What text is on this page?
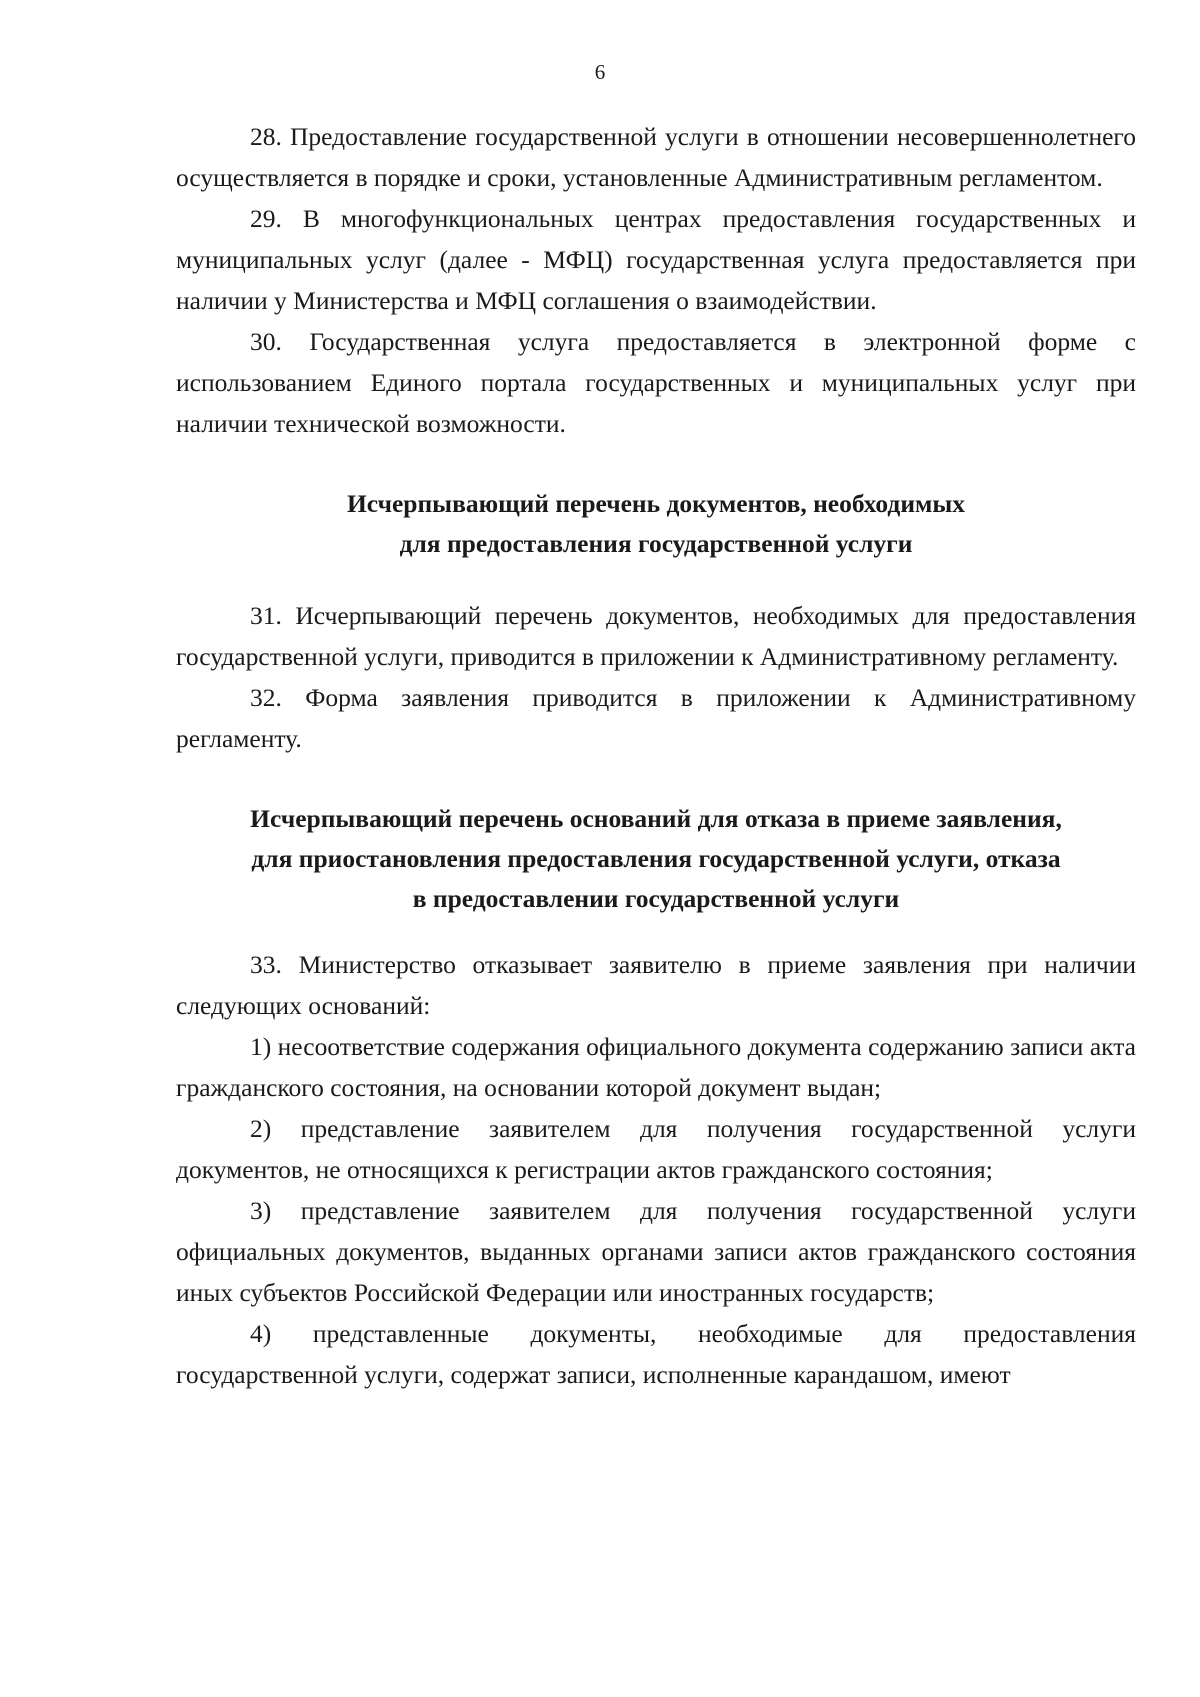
6

28. Предоставление государственной услуги в отношении несовершеннолетнего осуществляется в порядке и сроки, установленные Административным регламентом.

29. В многофункциональных центрах предоставления государственных и муниципальных услуг (далее - МФЦ) государственная услуга предоставляется при наличии у Министерства и МФЦ соглашения о взаимодействии.

30. Государственная услуга предоставляется в электронной форме с использованием Единого портала государственных и муниципальных услуг при наличии технической возможности.

Исчерпывающий перечень документов, необходимых
для предоставления государственной услуги

31. Исчерпывающий перечень документов, необходимых для предоставления государственной услуги, приводится в приложении к Административному регламенту.

32. Форма заявления приводится в приложении к Административному регламенту.

Исчерпывающий перечень оснований для отказа в приеме заявления,
для приостановления предоставления государственной услуги, отказа
в предоставлении государственной услуги

33. Министерство отказывает заявителю в приеме заявления при наличии следующих оснований:

1) несоответствие содержания официального документа содержанию записи акта гражданского состояния, на основании которой документ выдан;

2) представление заявителем для получения государственной услуги документов, не относящихся к регистрации актов гражданского состояния;

3) представление заявителем для получения государственной услуги официальных документов, выданных органами записи актов гражданского состояния иных субъектов Российской Федерации или иностранных государств;

4) представленные документы, необходимые для предоставления государственной услуги, содержат записи, исполненные карандашом, имеют
